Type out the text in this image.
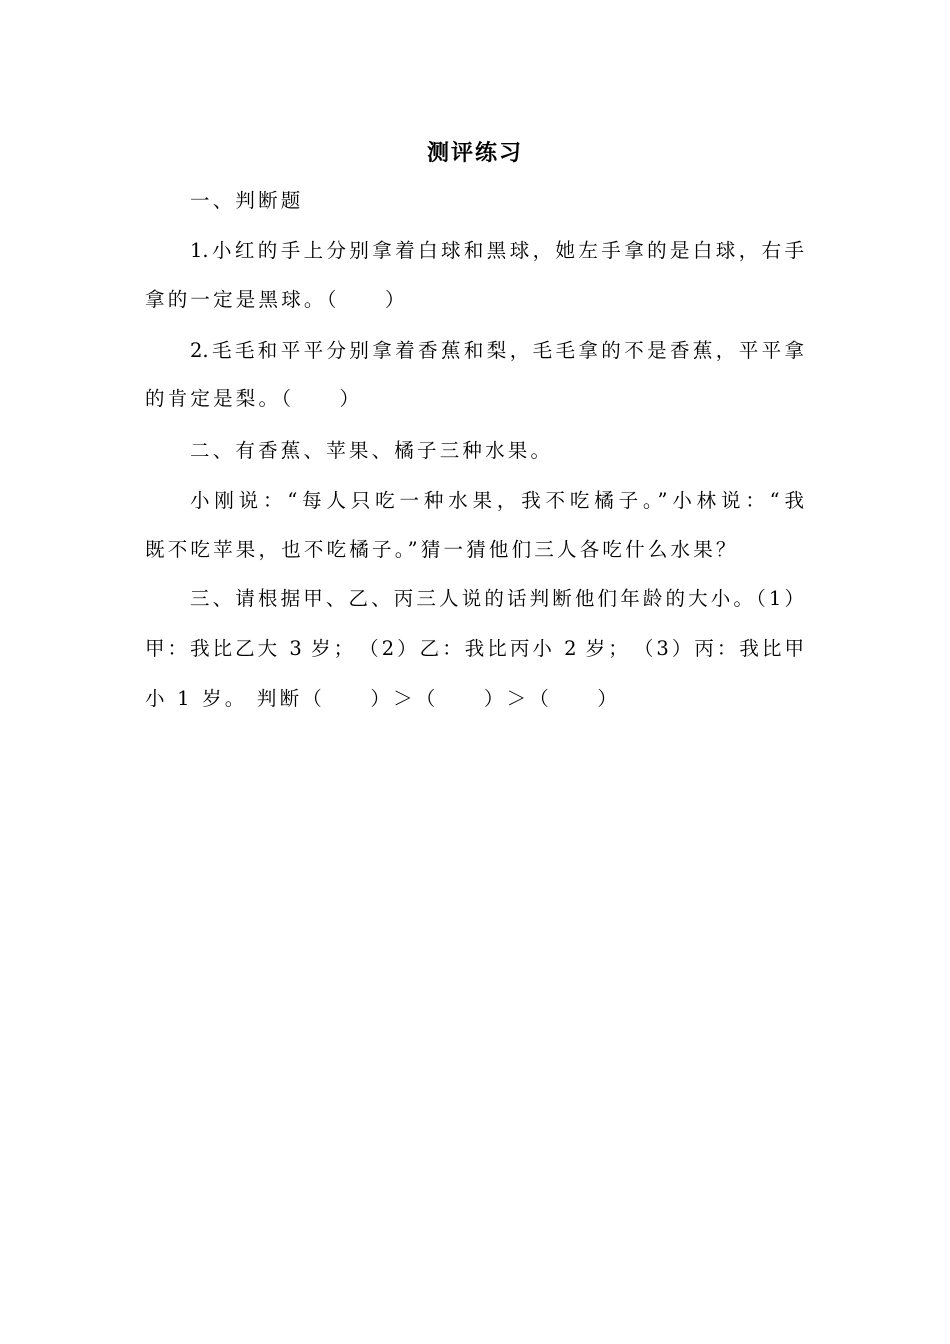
测评练习
一、判断题
1.小红的手上分别拿着白球和黑球，她左手拿的是白球，右手
拿的一定是黑球。（　　）
2.毛毛和平平分别拿着香蕉和梨，毛毛拿的不是香蕉，平平拿
的肯定是梨。（　　）
二、有香蕉、苹果、橘子三种水果。
小刚说：“每人只吃一种水果，我不吃橘子。”小林说：“我
既不吃苹果，也不吃橘子。”猜一猜他们三人各吃什么水果？
三、请根据甲、乙、丙三人说的话判断他们年龄的大小。（1）
甲：我比乙大 3 岁；　（2）乙：我比丙小 2 岁；　（3）丙：我比甲
小 1 岁。 判断（　　）＞（　　）＞（　　）
